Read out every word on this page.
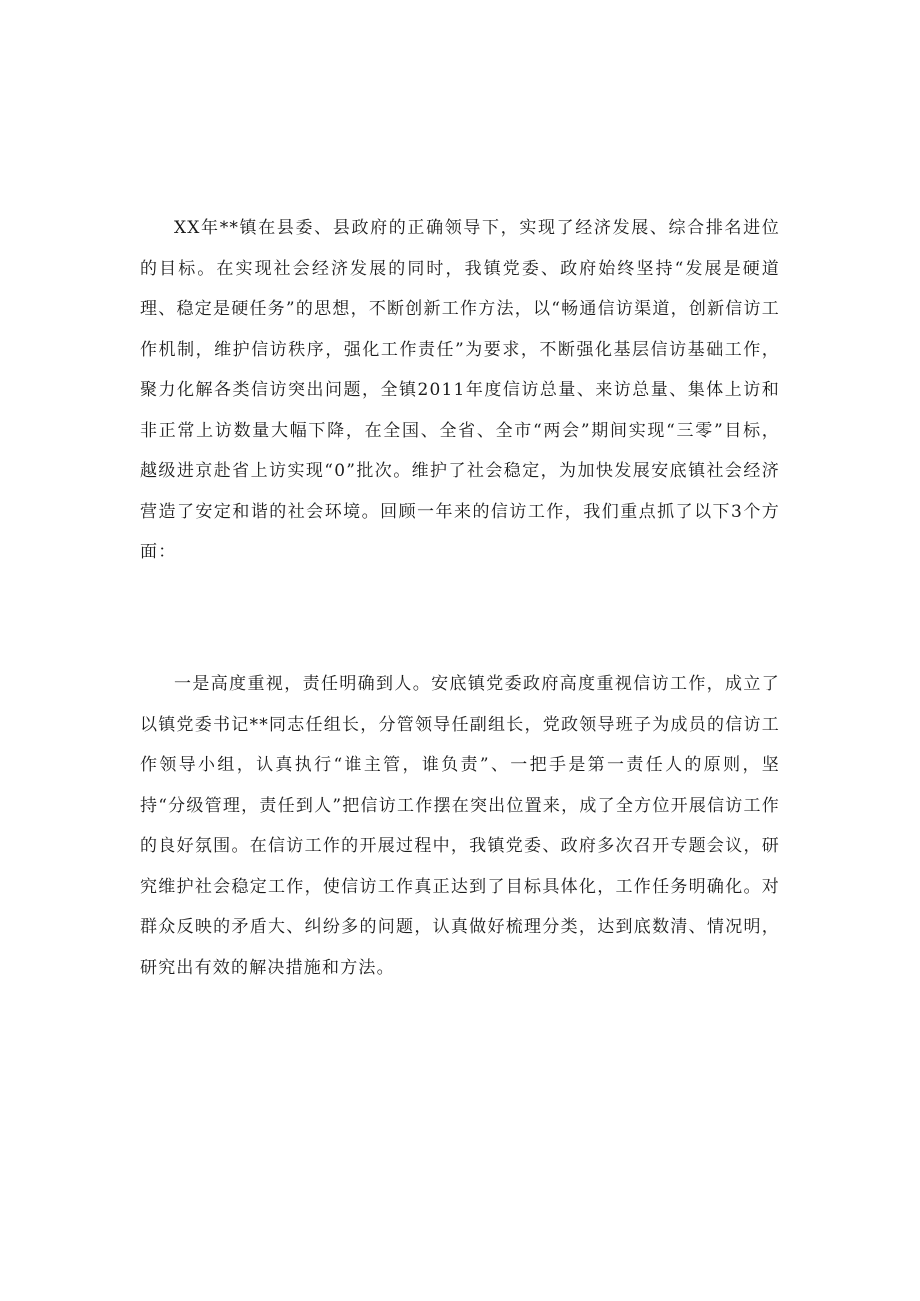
XX年**镇在县委、县政府的正确领导下，实现了经济发展、综合排名进位的目标。在实现社会经济发展的同时，我镇党委、政府始终坚持“发展是硬道理、稳定是硬任务”的思想，不断创新工作方法，以“畅通信访渠道，创新信访工作机制，维护信访秩序，强化工作责任”为要求，不断强化基层信访基础工作，聚力化解各类信访突出问题，全镇2011年度信访总量、来访总量、集体上访和非正常上访数量大幅下降，在全国、全省、全市“两会”期间实现“三零”目标，越级进京赴省上访实现“0”批次。维护了社会稳定，为加快发展安底镇社会经济营造了安定和谐的社会环境。回顾一年来的信访工作，我们重点抓了以下3个方面：

一是高度重视，责任明确到人。安底镇党委政府高度重视信访工作，成立了以镇党委书记**同志任组长，分管领导任副组长，党政领导班子为成员的信访工作领导小组，认真执行“谁主管，谁负责”、一把手是第一责任人的原则，坚持“分级管理，责任到人”把信访工作摆在突出位置来，成了全方位开展信访工作的良好氛围。在信访工作的开展过程中，我镇党委、政府多次召开专题会议，研究维护社会稳定工作，使信访工作真正达到了目标具体化，工作任务明确化。对群众反映的矛盾大、纠纷多的问题，认真做好梳理分类，达到底数清、情况明，研究出有效的解决措施和方法。
